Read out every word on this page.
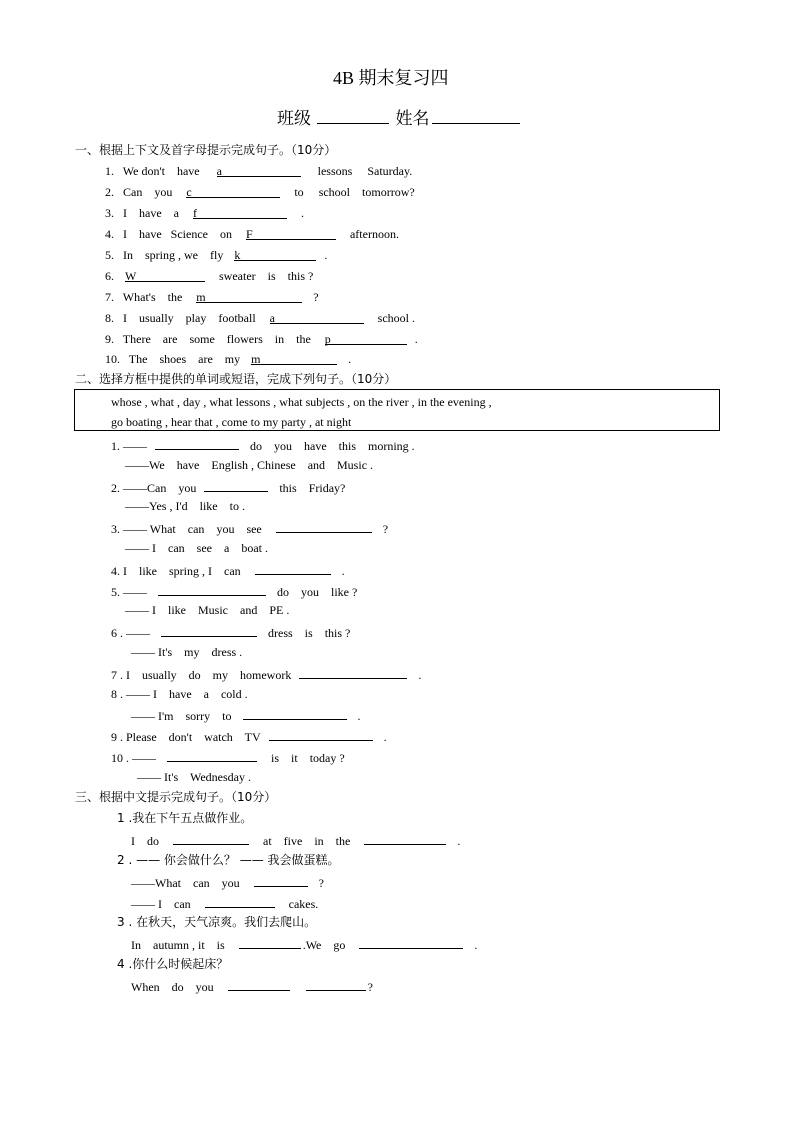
4B 期末复习四
班级	姓名
一、根据上下文及首字母提示完成句子。（10分）
1. We don't have a	lessons Saturday.
2. Can you c	to school tomorrow?
3. I have a f	.
4. I have Science on F	afternoon.
5. In spring , we fly k	.
6. W	sweater is this ?
7. What's the m	?
8. I usually play football a	school .
9. There are some flowers in the p	.
10. The shoes are my m	.
二、选择方框中提供的单词或短语，完成下列句子。（10分）
whose , what , day , what lessons , what subjects , on the river , in the evening ,
go boating , hear that , come to my party , at night
1. ——	do you have this morning .
——We have English , Chinese and Music .
2. ——Can you	this Friday?
——Yes , I'd like to .
3. —— What can you see	?
—— I can see a boat .
4. I like spring , I can	.
5. ——	do you like ?
—— I like Music and PE .
6 . ——	dress is this ?
—— It's my dress .
7 . I usually do my homework	.
8 . —— I have a cold .
—— I'm sorry to	.
9 . Please don't watch TV	.
10 . ——	is it today ?
—— It's Wednesday .
三、根据中文提示完成句子。（10分）
1 .我在下午五点做作业。
I do	at five in the	.
2 . —— 你会做什么？ —— 我会做蛋糕。
——What can you	?
—— I can	cakes.
3 . 在秋天，天气凉爽。我们去爬山。
In autumn , it is	.We go	.
4 .你什么时候起床？
When do you	?
